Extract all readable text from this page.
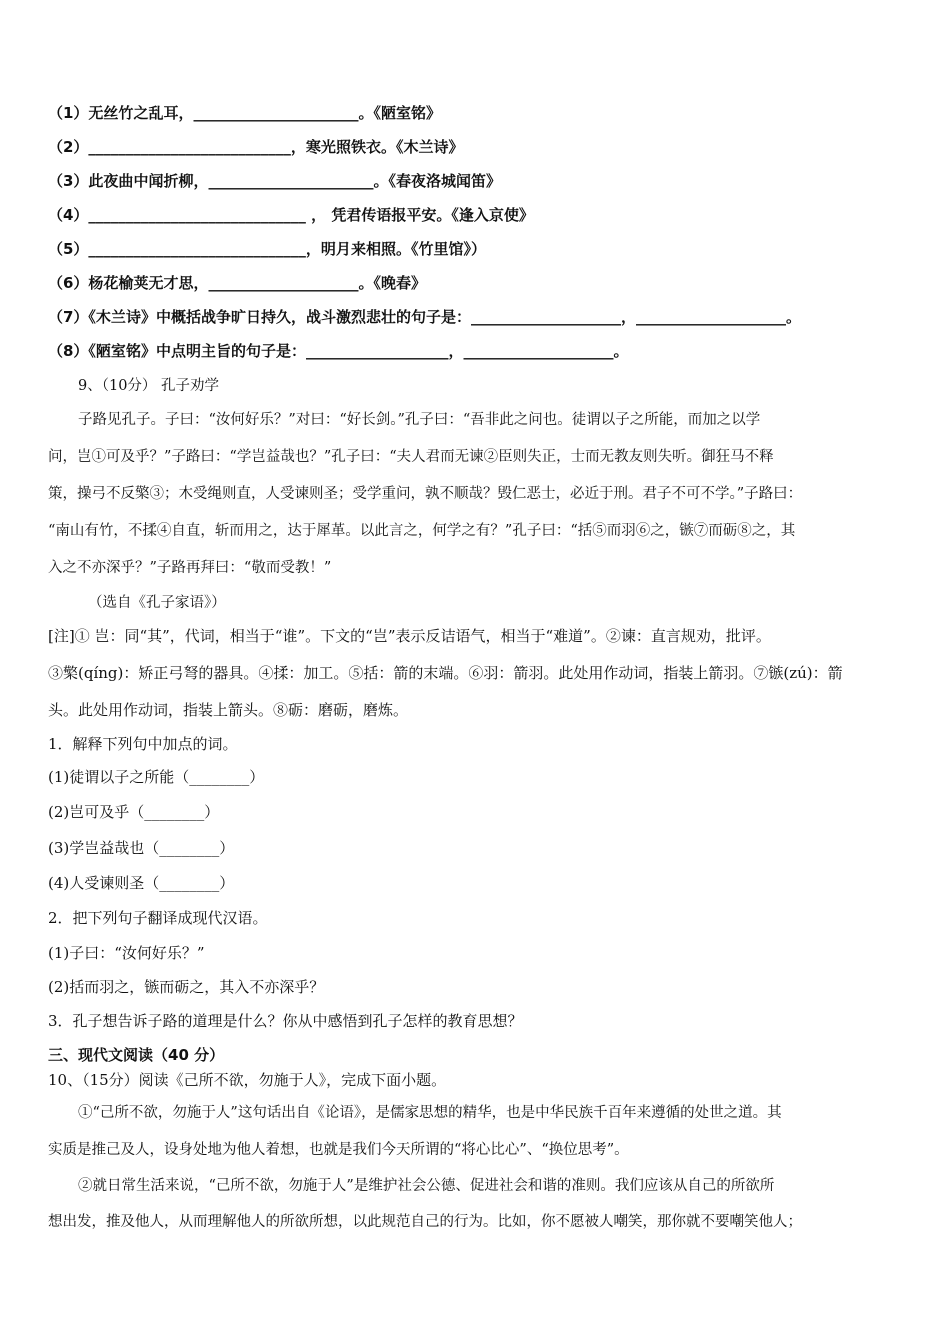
（1）无丝竹之乱耳，______________________。《陋室铭》
（2）___________________________，寒光照铁衣。《木兰诗》
（3）此夜曲中闻折柳，______________________。《春夜洛城闻笛》
（4）_____________________________ ， 凭君传语报平安。《逢入京使》
（5）_____________________________，明月来相照。《竹里馆》）
（6）杨花榆荚无才思，____________________。《晚春》
（7）《木兰诗》中概括战争旷日持久，战斗激烈悲壮的句子是：____________________，____________________。
（8）《陋室铭》中点明主旨的句子是：___________________，____________________。
9、（10分） 孔子劝学
子路见孔子。子曰：“汝何好乐？”对曰：“好长剑。”孔子曰：“吾非此之问也。徒谓以子之所能，而加之以学
问，岂①可及乎？”子路曰：“学岂益哉也？”孔子曰：“夫人君而无谏②臣则失正，士而无教友则失听。御狂马不释
策，操弓不反檠③；木受绳则直，人受谏则圣；受学重问，孰不顺哉？毁仁恶士，必近于刑。君子不可不学。”子路曰：
“南山有竹，不揉④自直，斩而用之，达于犀革。以此言之，何学之有？”孔子曰：“括⑤而羽⑥之，镞⑦而砺⑧之，其
入之不亦深乎？”子路再拜曰：“敬而受教！”
（选自《孔子家语》）
[注]① 岂：同“其”，代词，相当于“谁”。下文的“岂”表示反诘语气，相当于“难道”。②谏：直言规劝，批评。
③檠(qíng)：矫正弓弩的器具。④揉：加工。⑤括：箭的末端。⑥羽：箭羽。此处用作动词，指装上箭羽。⑦镞(zú)：箭
头。此处用作动词，指装上箭头。⑧砺：磨砺，磨炼。
1．解释下列句中加点的词。
(1)徒谓以子之所能（________）
(2)岂可及乎（________）
(3)学岂益哉也（________）
(4)人受谏则圣（________）
2．把下列句子翻译成现代汉语。
(1)子曰：“汝何好乐？”
(2)括而羽之，镞而砺之，其入不亦深乎？
3．孔子想告诉子路的道理是什么？你从中感悟到孔子怎样的教育思想？
三、现代文阅读（40 分）
10、（15分）阅读《己所不欲，勿施于人》，完成下面小题。
①“己所不欲，勿施于人”这句话出自《论语》，是儒家思想的精华，也是中华民族千百年来遵循的处世之道。其
实质是推己及人，设身处地为他人着想，也就是我们今天所谓的“将心比心”、“换位思考”。
②就日常生活来说，“己所不欲，勿施于人”是维护社会公德、促进社会和谐的准则。我们应该从自己的所欲所
想出发，推及他人，从而理解他人的所欲所想，以此规范自己的行为。比如，你不愿被人嘲笑，那你就不要嘲笑他人；
